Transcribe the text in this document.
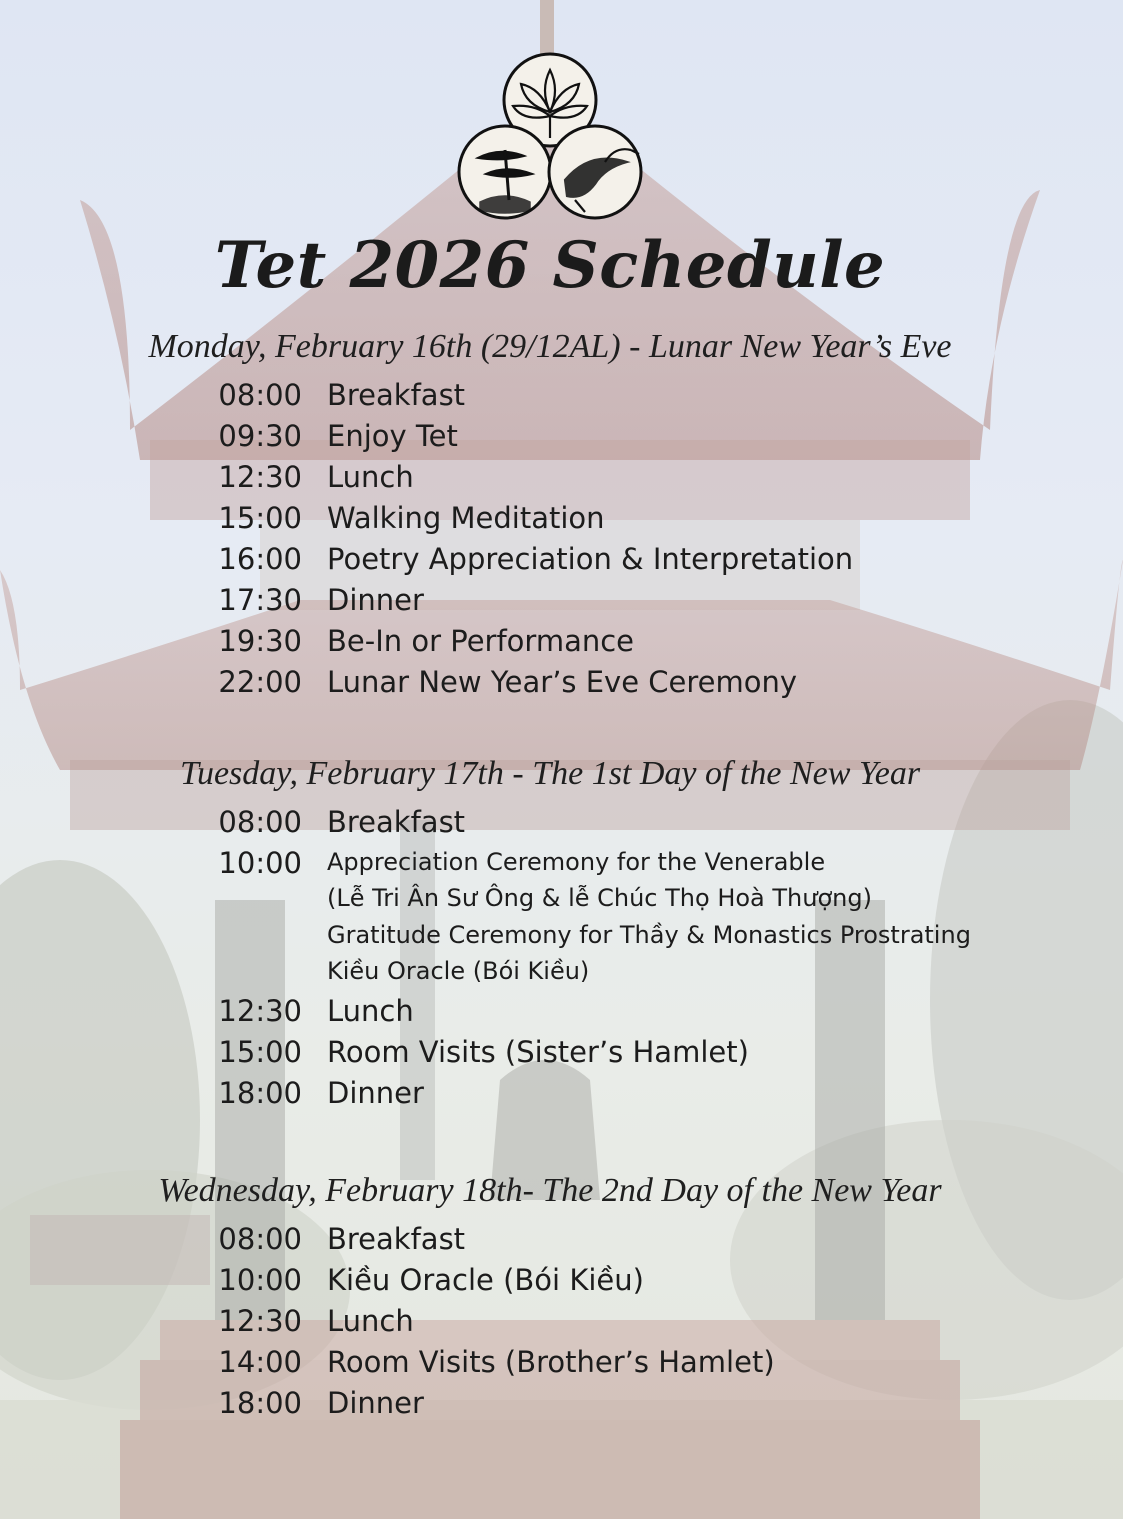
Tet 2026 Schedule
Monday, February 16th (29/12AL) - Lunar New Year’s Eve
08:00 Breakfast
09:30 Enjoy Tet
12:30 Lunch
15:00 Walking Meditation
16:00 Poetry Appreciation & Interpretation
17:30 Dinner
19:30 Be-In or Performance
22:00 Lunar New Year’s Eve Ceremony
Tuesday, February 17th - The 1st Day of the New Year
08:00 Breakfast
10:00 Appreciation Ceremony for the Venerable
(Lễ Tri Ân Sư Ông & lễ Chúc Thọ Hoà Thượng)
Gratitude Ceremony for Thầy & Monastics Prostrating
Kiều Oracle (Bói Kiều)
12:30 Lunch
15:00 Room Visits (Sister’s Hamlet)
18:00 Dinner
Wednesday, February 18th- The 2nd Day of the New Year
08:00 Breakfast
10:00 Kiều Oracle (Bói Kiều)
12:30 Lunch
14:00 Room Visits (Brother’s Hamlet)
18:00 Dinner
